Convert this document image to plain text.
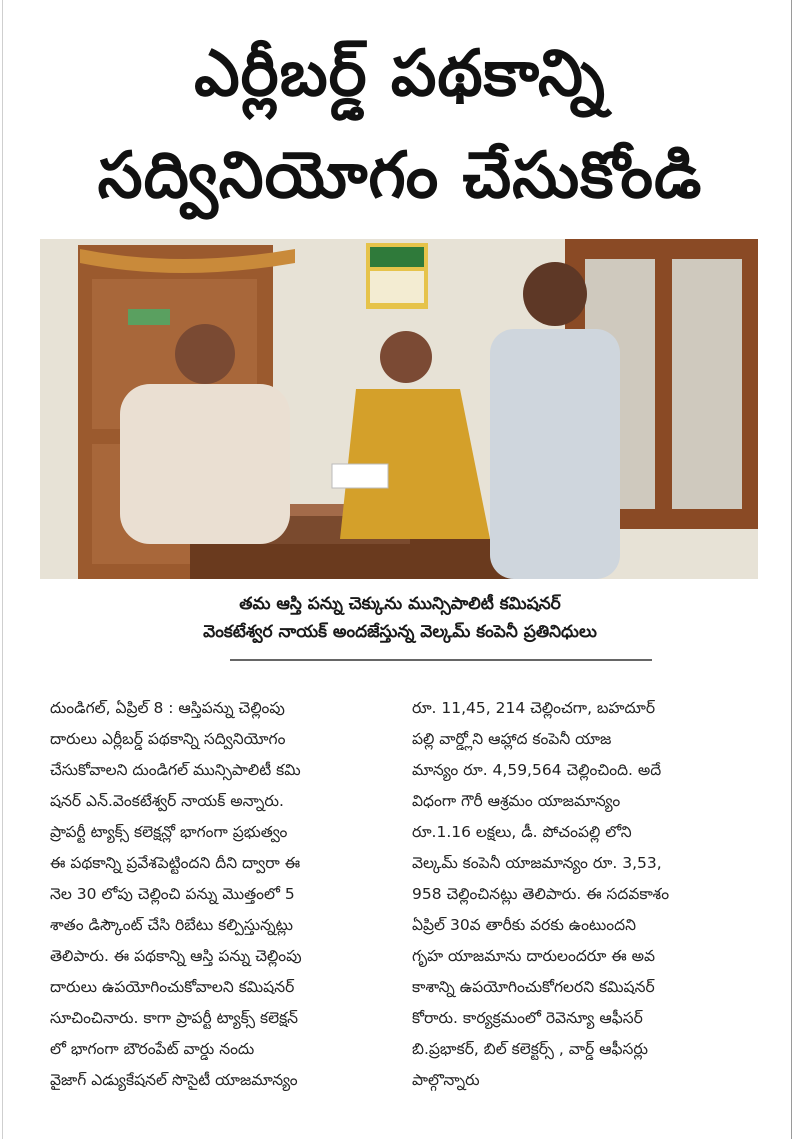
ఎర్లీబర్డ్ పథకాన్ని
సద్వినియోగం చేసుకోండి
తమ ఆస్తి పన్ను చెక్కును మున్సిపాలిటీ కమిషనర్
వెంకటేశ్వర నాయక్ అందజేస్తున్న వెల్కమ్ కంపెనీ ప్రతినిధులు
దుండిగల్, ఏప్రిల్ 8 : ఆస్తిపన్ను చెల్లింపు
దారులు ఎర్లీబర్డ్ పథకాన్ని సద్వినియోగం
చేసుకోవాలని దుండిగల్ మున్సిపాలిటీ కమి
షనర్ ఎన్.వెంకటేశ్వర్ నాయక్ అన్నారు.
ప్రాపర్టీ ట్యాక్స్ కలెక్షన్లో భాగంగా ప్రభుత్వం
ఈ పథకాన్ని ప్రవేశపెట్టిందని దీని ద్వారా ఈ
నెల 30 లోపు చెల్లించి పన్ను మొత్తంలో 5
శాతం డిస్కౌంట్ చేసి రిబేటు కల్పిస్తున్నట్లు
తెలిపారు. ఈ పథకాన్ని ఆస్తి పన్ను చెల్లింపు
దారులు ఉపయోగించుకోవాలని కమిషనర్
సూచించినారు. కాగా ప్రాపర్టీ ట్యాక్స్ కలెక్షన్
లో భాగంగా బౌరంపేట్ వార్డు నందు
వైజాగ్ ఎడ్యుకేషనల్ సొసైటీ యాజమాన్యం
రూ. 11,45, 214 చెల్లించగా, బహదూర్
పల్లి వార్డ్లోని ఆహ్లాద కంపెనీ యాజ
మాన్యం రూ. 4,59,564 చెల్లించింది. అదే
విధంగా గౌరీ ఆశ్రమం యాజమాన్యం
రూ.1.16 లక్షలు, డీ. పోచంపల్లి లోని
వెల్కమ్ కంపెనీ యాజమాన్యం రూ. 3,53,
958 చెల్లించినట్లు తెలిపారు. ఈ సదవకాశం
ఏప్రిల్ 30వ తారీకు వరకు ఉంటుందని
గృహ యాజమాను దారులందరూ ఈ అవ
కాశాన్ని ఉపయోగించుకోగలరని కమిషనర్
కోరారు. కార్యక్రమంలో రెవెన్యూ ఆఫీసర్
బి.ప్రభాకర్, బిల్ కలెక్టర్స్ , వార్డ్ ఆఫీసర్లు
పాల్గొన్నారు
